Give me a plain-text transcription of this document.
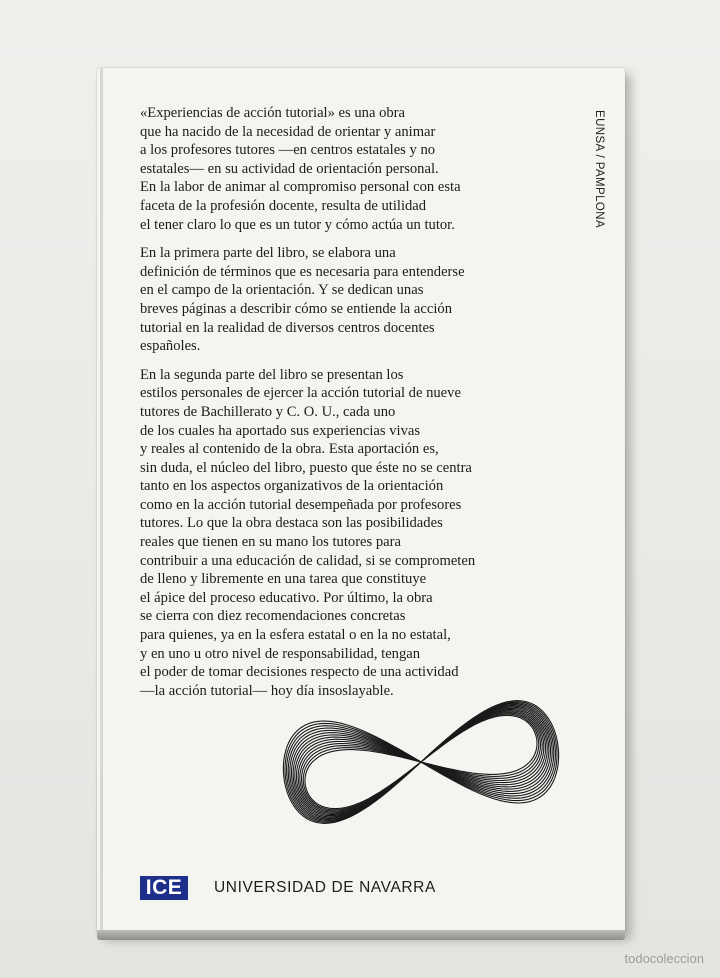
«Experiencias de acción tutorial» es una obra
que ha nacido de la necesidad de orientar y animar
a los profesores tutores —en centros estatales y no
estatales— en su actividad de orientación personal.
En la labor de animar al compromiso personal con esta
faceta de la profesión docente, resulta de utilidad
el tener claro lo que es un tutor y cómo actúa un tutor.

En la primera parte del libro, se elabora una
definición de términos que es necesaria para entenderse
en el campo de la orientación. Y se dedican unas
breves páginas a describir cómo se entiende la acción
tutorial en la realidad de diversos centros docentes
españoles.

En la segunda parte del libro se presentan los
estilos personales de ejercer la acción tutorial de nueve
tutores de Bachillerato y C. O. U., cada uno
de los cuales ha aportado sus experiencias vivas
y reales al contenido de la obra. Esta aportación es,
sin duda, el núcleo del libro, puesto que éste no se centra
tanto en los aspectos organizativos de la orientación
como en la acción tutorial desempeñada por profesores
tutores. Lo que la obra destaca son las posibilidades
reales que tienen en su mano los tutores para
contribuir a una educación de calidad, si se comprometen
de lleno y libremente en una tarea que constituye
el ápice del proceso educativo. Por último, la obra
se cierra con diez recomendaciones concretas
para quienes, ya en la esfera estatal o en la no estatal,
y en uno u otro nivel de responsabilidad, tengan
el poder de tomar decisiones respecto de una actividad
—la acción tutorial— hoy día insoslayable.

EUNSA / PAMPLONA
ICE	UNIVERSIDAD DE NAVARRA
todocoleccion
